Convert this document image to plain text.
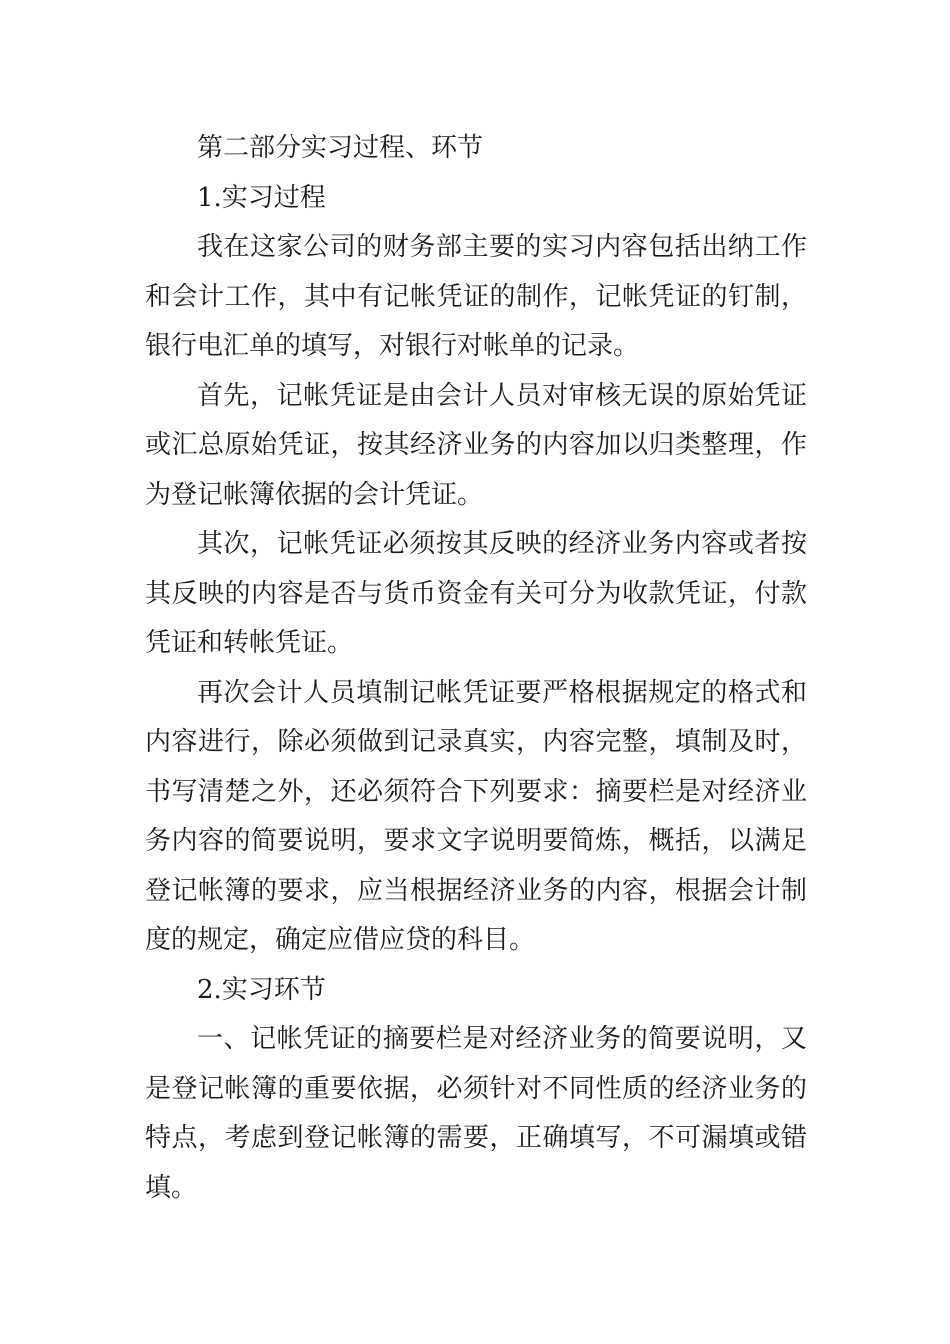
第二部分实习过程、环节

1.实习过程

我在这家公司的财务部主要的实习内容包括出纳工作和会计工作，其中有记帐凭证的制作，记帐凭证的钉制，银行电汇单的填写，对银行对帐单的记录。

首先，记帐凭证是由会计人员对审核无误的原始凭证或汇总原始凭证，按其经济业务的内容加以归类整理，作为登记帐簿依据的会计凭证。

其次，记帐凭证必须按其反映的经济业务内容或者按其反映的内容是否与货币资金有关可分为收款凭证，付款凭证和转帐凭证。

再次会计人员填制记帐凭证要严格根据规定的格式和内容进行，除必须做到记录真实，内容完整，填制及时，书写清楚之外，还必须符合下列要求：摘要栏是对经济业务内容的简要说明，要求文字说明要简炼，概括，以满足登记帐簿的要求，应当根据经济业务的内容，根据会计制度的规定，确定应借应贷的科目。

2.实习环节

一、记帐凭证的摘要栏是对经济业务的简要说明，又是登记帐簿的重要依据，必须针对不同性质的经济业务的特点，考虑到登记帐簿的需要，正确填写，不可漏填或错填。
